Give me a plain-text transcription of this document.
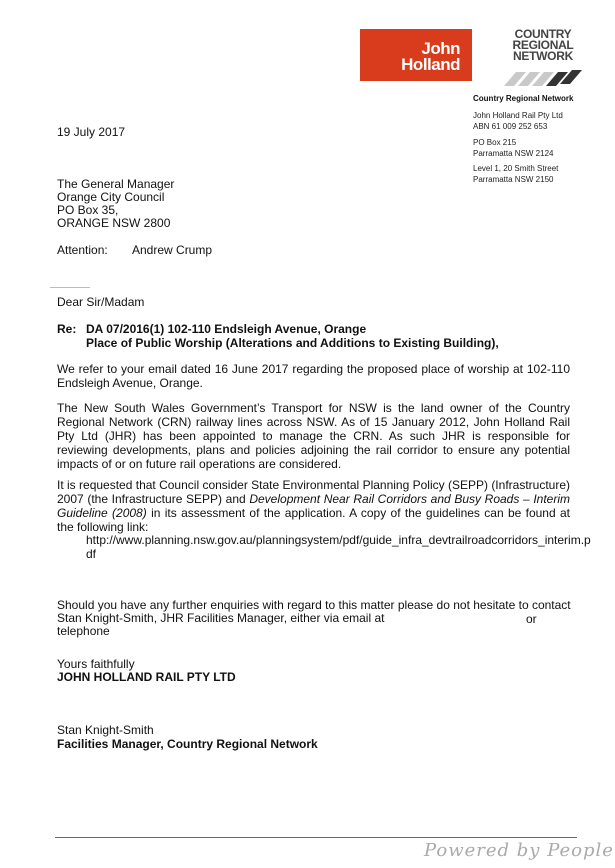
John
Holland
COUNTRY
REGIONAL
NETWORK
Country Regional Network
John Holland Rail Pty Ltd
ABN 61 009 252 653
PO Box 215
Parramatta NSW 2124
Level 1, 20 Smith Street
Parramatta NSW 2150
19 July 2017
The General Manager
Orange City Council
PO Box 35,
ORANGE NSW 2800
Attention: Andrew Crump
Dear Sir/Madam
Re: DA 07/2016(1) 102-110 Endsleigh Avenue, Orange
Place of Public Worship (Alterations and Additions to Existing Building),
We refer to your email dated 16 June 2017 regarding the proposed place of worship at 102-110 Endsleigh Avenue, Orange.
The New South Wales Government’s Transport for NSW is the land owner of the Country Regional Network (CRN) railway lines across NSW. As of 15 January 2012, John Holland Rail Pty Ltd (JHR) has been appointed to manage the CRN. As such JHR is responsible for reviewing developments, plans and policies adjoining the rail corridor to ensure any potential impacts of or on future rail operations are considered.
It is requested that Council consider State Environmental Planning Policy (SEPP) (Infrastructure) 2007 (the Infrastructure SEPP) and Development Near Rail Corridors and Busy Roads – Interim Guideline (2008) in its assessment of the application. A copy of the guidelines can be found at the following link:
http://www.planning.nsw.gov.au/planningsystem/pdf/guide_infra_devtrailroadcorridors_interim.p
df
Should you have any further enquiries with regard to this matter please do not hesitate to contact
Stan Knight-Smith, JHR Facilities Manager, either via email at
telephone
or
Yours faithfully
JOHN HOLLAND RAIL PTY LTD
Stan Knight-Smith
Facilities Manager, Country Regional Network
Powered by People
